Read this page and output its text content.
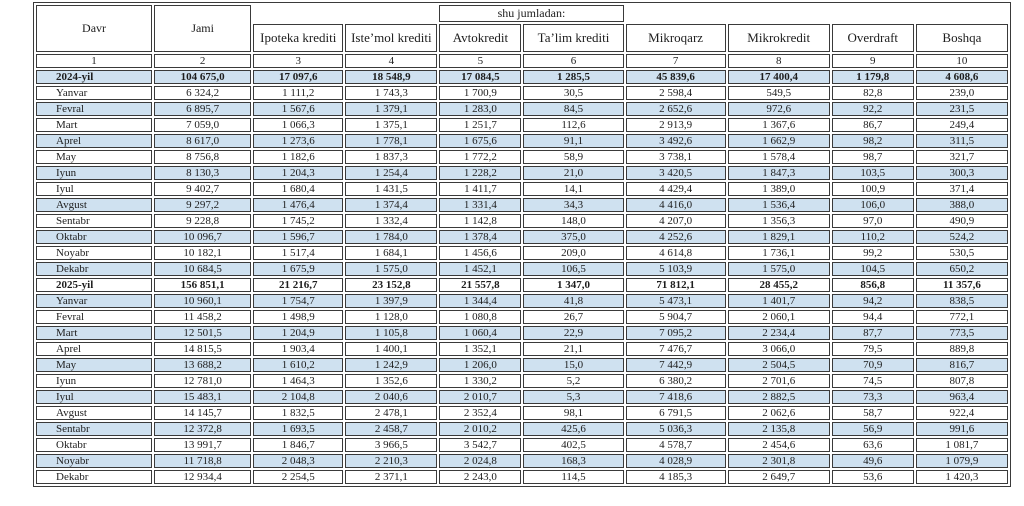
Davr	Jami			shu jumladan:					
		Ipoteka krediti	Iste’mol krediti	Avtokredit	Ta’lim krediti	Mikroqarz	Mikrokredit	Overdraft	Boshqa
1	2	3	4	5	6	7	8	9	10
2024-yil	104 675,0	17 097,6	18 548,9	17 084,5	1 285,5	45 839,6	17 400,4	1 179,8	4 608,6
Yanvar	6 324,2	1 111,2	1 743,3	1 700,9	30,5	2 598,4	549,5	82,8	239,0
Fevral	6 895,7	1 567,6	1 379,1	1 283,0	84,5	2 652,6	972,6	92,2	231,5
Mart	7 059,0	1 066,3	1 375,1	1 251,7	112,6	2 913,9	1 367,6	86,7	249,4
Aprel	8 617,0	1 273,6	1 778,1	1 675,6	91,1	3 492,6	1 662,9	98,2	311,5
May	8 756,8	1 182,6	1 837,3	1 772,2	58,9	3 738,1	1 578,4	98,7	321,7
Iyun	8 130,3	1 204,3	1 254,4	1 228,2	21,0	3 420,5	1 847,3	103,5	300,3
Iyul	9 402,7	1 680,4	1 431,5	1 411,7	14,1	4 429,4	1 389,0	100,9	371,4
Avgust	9 297,2	1 476,4	1 374,4	1 331,4	34,3	4 416,0	1 536,4	106,0	388,0
Sentabr	9 228,8	1 745,2	1 332,4	1 142,8	148,0	4 207,0	1 356,3	97,0	490,9
Oktabr	10 096,7	1 596,7	1 784,0	1 378,4	375,0	4 252,6	1 829,1	110,2	524,2
Noyabr	10 182,1	1 517,4	1 684,1	1 456,6	209,0	4 614,8	1 736,1	99,2	530,5
Dekabr	10 684,5	1 675,9	1 575,0	1 452,1	106,5	5 103,9	1 575,0	104,5	650,2
2025-yil	156 851,1	21 216,7	23 152,8	21 557,8	1 347,0	71 812,1	28 455,2	856,8	11 357,6
Yanvar	10 960,1	1 754,7	1 397,9	1 344,4	41,8	5 473,1	1 401,7	94,2	838,5
Fevral	11 458,2	1 498,9	1 128,0	1 080,8	26,7	5 904,7	2 060,1	94,4	772,1
Mart	12 501,5	1 204,9	1 105,8	1 060,4	22,9	7 095,2	2 234,4	87,7	773,5
Aprel	14 815,5	1 903,4	1 400,1	1 352,1	21,1	7 476,7	3 066,0	79,5	889,8
May	13 688,2	1 610,2	1 242,9	1 206,0	15,0	7 442,9	2 504,5	70,9	816,7
Iyun	12 781,0	1 464,3	1 352,6	1 330,2	5,2	6 380,2	2 701,6	74,5	807,8
Iyul	15 483,1	2 104,8	2 040,6	2 010,7	5,3	7 418,6	2 882,5	73,3	963,4
Avgust	14 145,7	1 832,5	2 478,1	2 352,4	98,1	6 791,5	2 062,6	58,7	922,4
Sentabr	12 372,8	1 693,5	2 458,7	2 010,2	425,6	5 036,3	2 135,8	56,9	991,6
Oktabr	13 991,7	1 846,7	3 966,5	3 542,7	402,5	4 578,7	2 454,6	63,6	1 081,7
Noyabr	11 718,8	2 048,3	2 210,3	2 024,8	168,3	4 028,9	2 301,8	49,6	1 079,9
Dekabr	12 934,4	2 254,5	2 371,1	2 243,0	114,5	4 185,3	2 649,7	53,6	1 420,3
